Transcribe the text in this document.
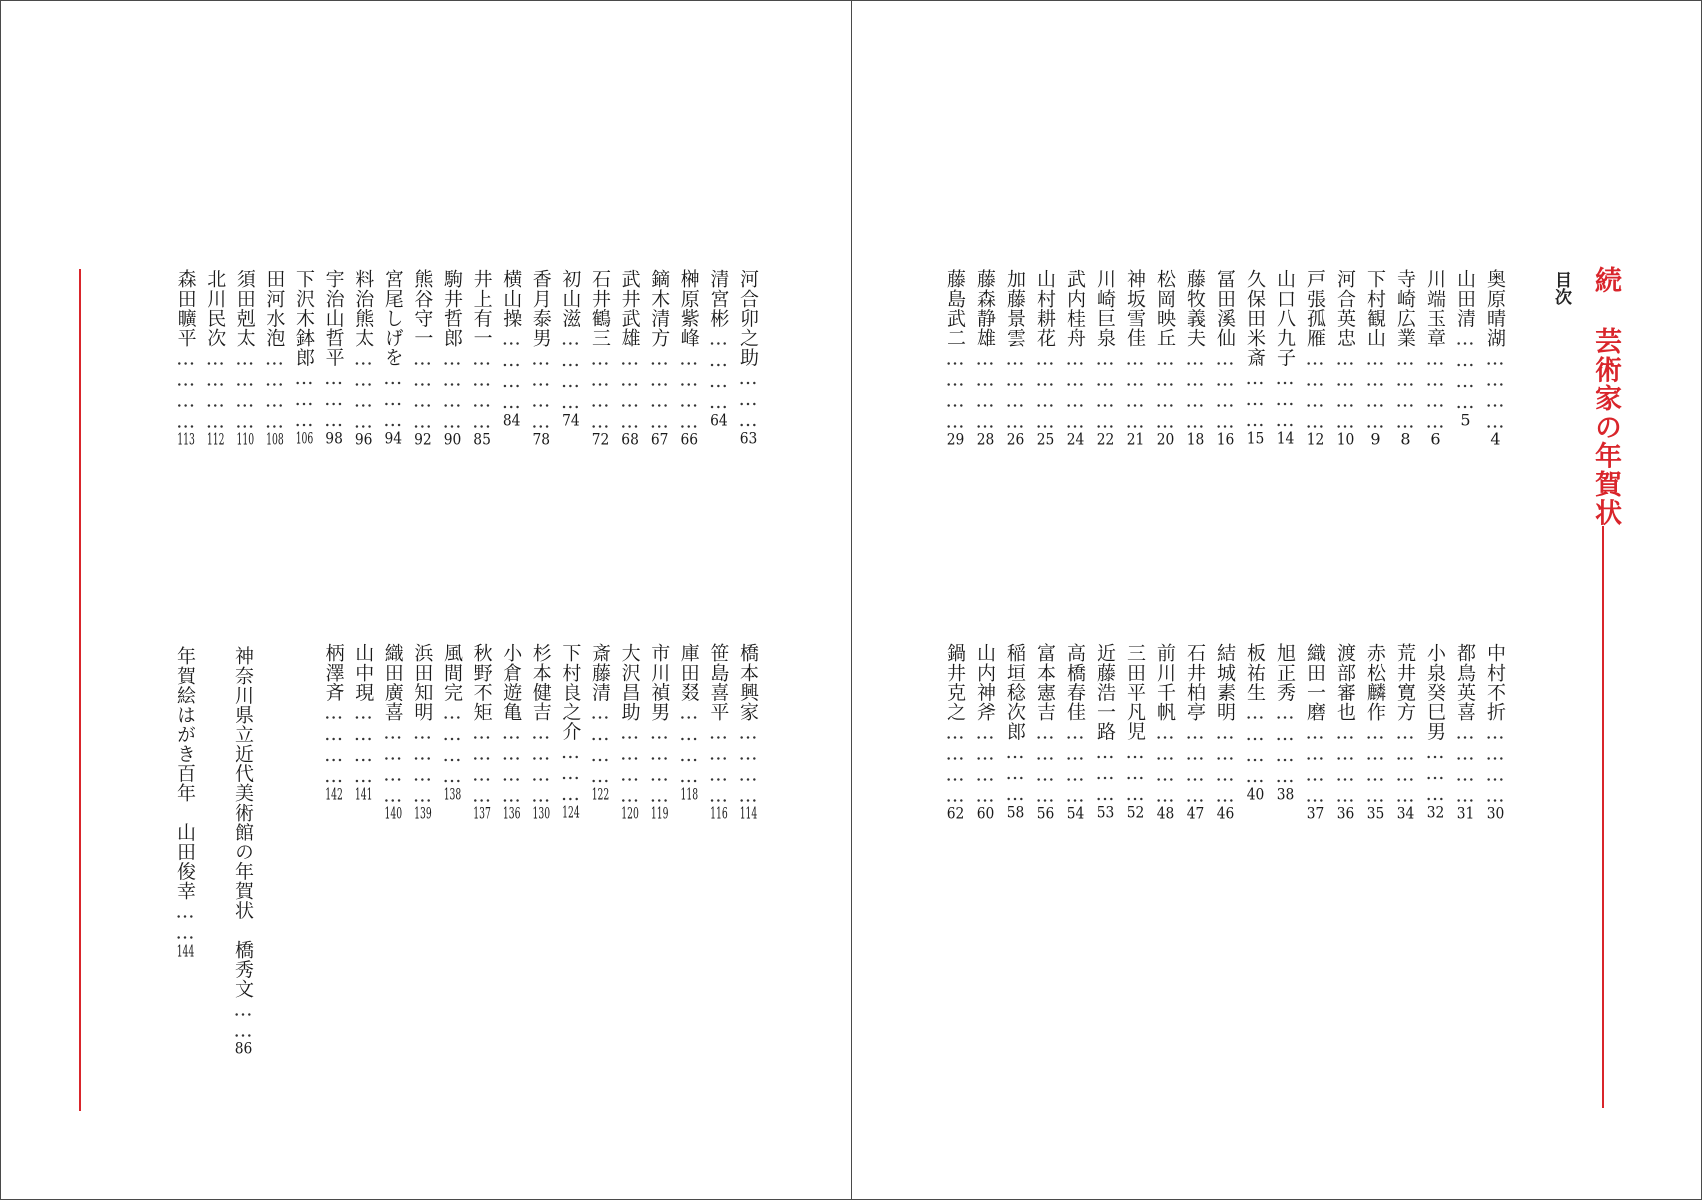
続 芸術家の年賀状
目次
奥原晴湖…………4
山田清…………5
川端玉章…………6
寺崎広業…………8
下村観山…………9
河合英忠…………10
戸張孤雁…………12
山口八九子………14
久保田米斎………15
冨田溪仙…………16
藤牧義夫…………18
松岡映丘…………20
神坂雪佳…………21
川崎巨泉…………22
武内桂舟…………24
山村耕花…………25
加藤景雲…………26
藤森静雄…………28
藤島武二…………29
中村不折…………30
都鳥英喜…………31
小泉癸巳男………32
荒井寛方…………34
赤松麟作…………35
渡部審也…………36
織田一磨…………37
旭正秀…………38
板祐生…………40
結城素明…………46
石井柏亭…………47
前川千帆…………48
三田平凡児………52
近藤浩一路………53
高橋春佳…………54
富本憲吉…………56
稲垣稔次郎………58
山内神斧…………60
鍋井克之…………62
河合卯之助………63
清宮彬…………64
榊原紫峰…………66
鏑木清方…………67
武井武雄…………68
石井鶴三…………72
初山滋…………74
香月泰男…………78
横山操…………84
井上有一…………85
駒井哲郎…………90
熊谷守一…………92
宮尾しげを………94
料治熊太…………96
宇治山哲平………98
下沢木鉢郎………106
田河水泡…………108
須田剋太…………110
北川民次…………112
森田曠平…………113
橋本興家…………114
笹島喜平…………116
庫田叕…………118
市川禎男…………119
大沢昌助…………120
斎藤清…………122
下村良之介………124
杉本健吉…………130
小倉遊亀…………136
秋野不矩…………137
風間完…………138
浜田知明…………139
織田廣喜…………140
山中現…………141
柄澤斉…………142
神奈川県立近代美術館の年賀状　橋秀文……86
年賀絵はがき百年　山田俊幸……144
